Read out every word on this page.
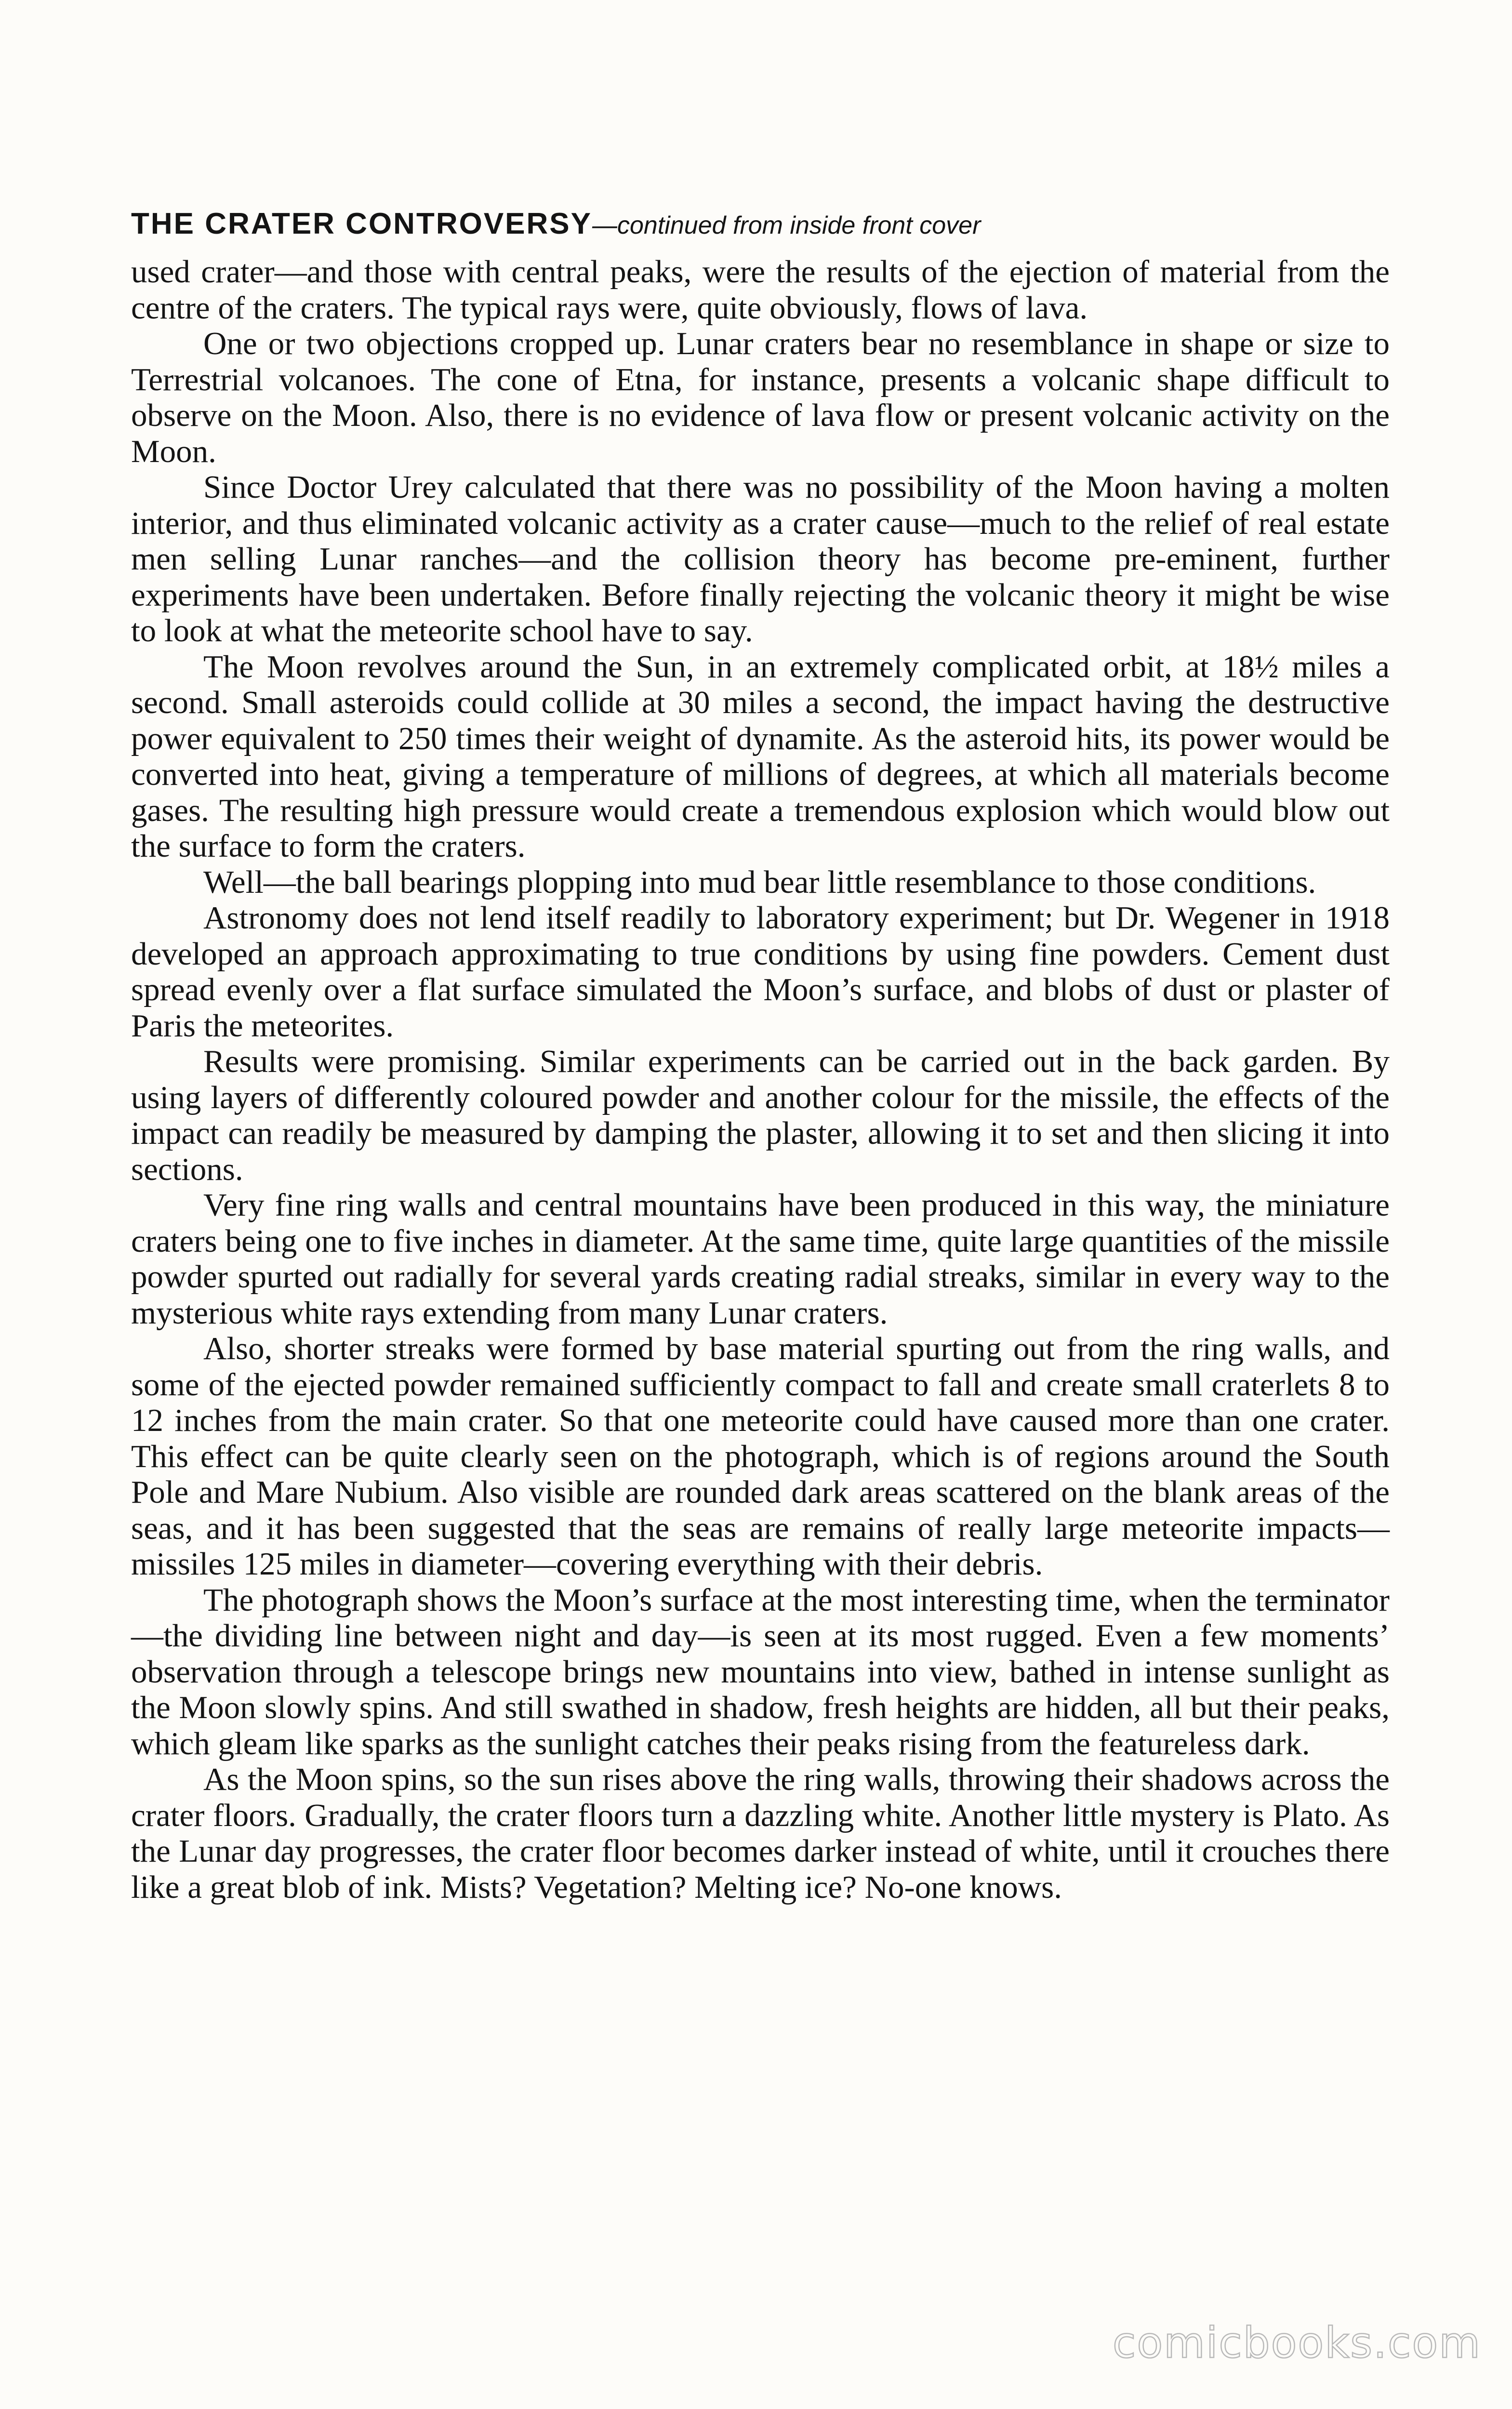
THE CRATER CONTROVERSY—continued from inside front cover

used crater—and those with central peaks, were the results of the ejection of material from the centre of the craters. The typical rays were, quite obviously, flows of lava.

One or two objections cropped up. Lunar craters bear no resemblance in shape or size to Terrestrial volcanoes. The cone of Etna, for instance, presents a volcanic shape difficult to observe on the Moon. Also, there is no evidence of lava flow or present volcanic activity on the Moon.

Since Doctor Urey calculated that there was no possibility of the Moon having a molten interior, and thus eliminated volcanic activity as a crater cause—much to the relief of real estate men selling Lunar ranches—and the collision theory has become pre-eminent, further experiments have been undertaken. Before finally rejecting the volcanic theory it might be wise to look at what the meteorite school have to say.

The Moon revolves around the Sun, in an extremely complicated orbit, at 18½ miles a second. Small asteroids could collide at 30 miles a second, the impact having the destructive power equivalent to 250 times their weight of dynamite. As the asteroid hits, its power would be converted into heat, giving a temperature of millions of degrees, at which all materials become gases. The resulting high pressure would create a tremendous explosion which would blow out the surface to form the craters.

Well—the ball bearings plopping into mud bear little resemblance to those conditions.

Astronomy does not lend itself readily to laboratory experiment; but Dr. Wegener in 1918 developed an approach approximating to true conditions by using fine powders. Cement dust spread evenly over a flat surface simulated the Moon’s surface, and blobs of dust or plaster of Paris the meteorites.

Results were promising. Similar experiments can be carried out in the back garden. By using layers of differently coloured powder and another colour for the missile, the effects of the impact can readily be measured by damping the plaster, allowing it to set and then slicing it into sections.

Very fine ring walls and central mountains have been produced in this way, the miniature craters being one to five inches in diameter. At the same time, quite large quantities of the missile powder spurted out radially for several yards creating radial streaks, similar in every way to the mysterious white rays extending from many Lunar craters.

Also, shorter streaks were formed by base material spurting out from the ring walls, and some of the ejected powder remained sufficiently compact to fall and create small craterlets 8 to 12 inches from the main crater. So that one meteorite could have caused more than one crater. This effect can be quite clearly seen on the photograph, which is of regions around the South Pole and Mare Nubium. Also visible are rounded dark areas scattered on the blank areas of the seas, and it has been suggested that the seas are remains of really large meteorite impacts—missiles 125 miles in diameter—covering everything with their debris.

The photograph shows the Moon’s surface at the most interesting time, when the terminator—the dividing line between night and day—is seen at its most rugged. Even a few moments’ observation through a telescope brings new mountains into view, bathed in intense sunlight as the Moon slowly spins. And still swathed in shadow, fresh heights are hidden, all but their peaks, which gleam like sparks as the sunlight catches their peaks rising from the featureless dark.

As the Moon spins, so the sun rises above the ring walls, throwing their shadows across the crater floors. Gradually, the crater floors turn a dazzling white. Another little mystery is Plato. As the Lunar day progresses, the crater floor becomes darker instead of white, until it crouches there like a great blob of ink. Mists? Vegetation? Melting ice? No-one knows.

comicbooks.com
